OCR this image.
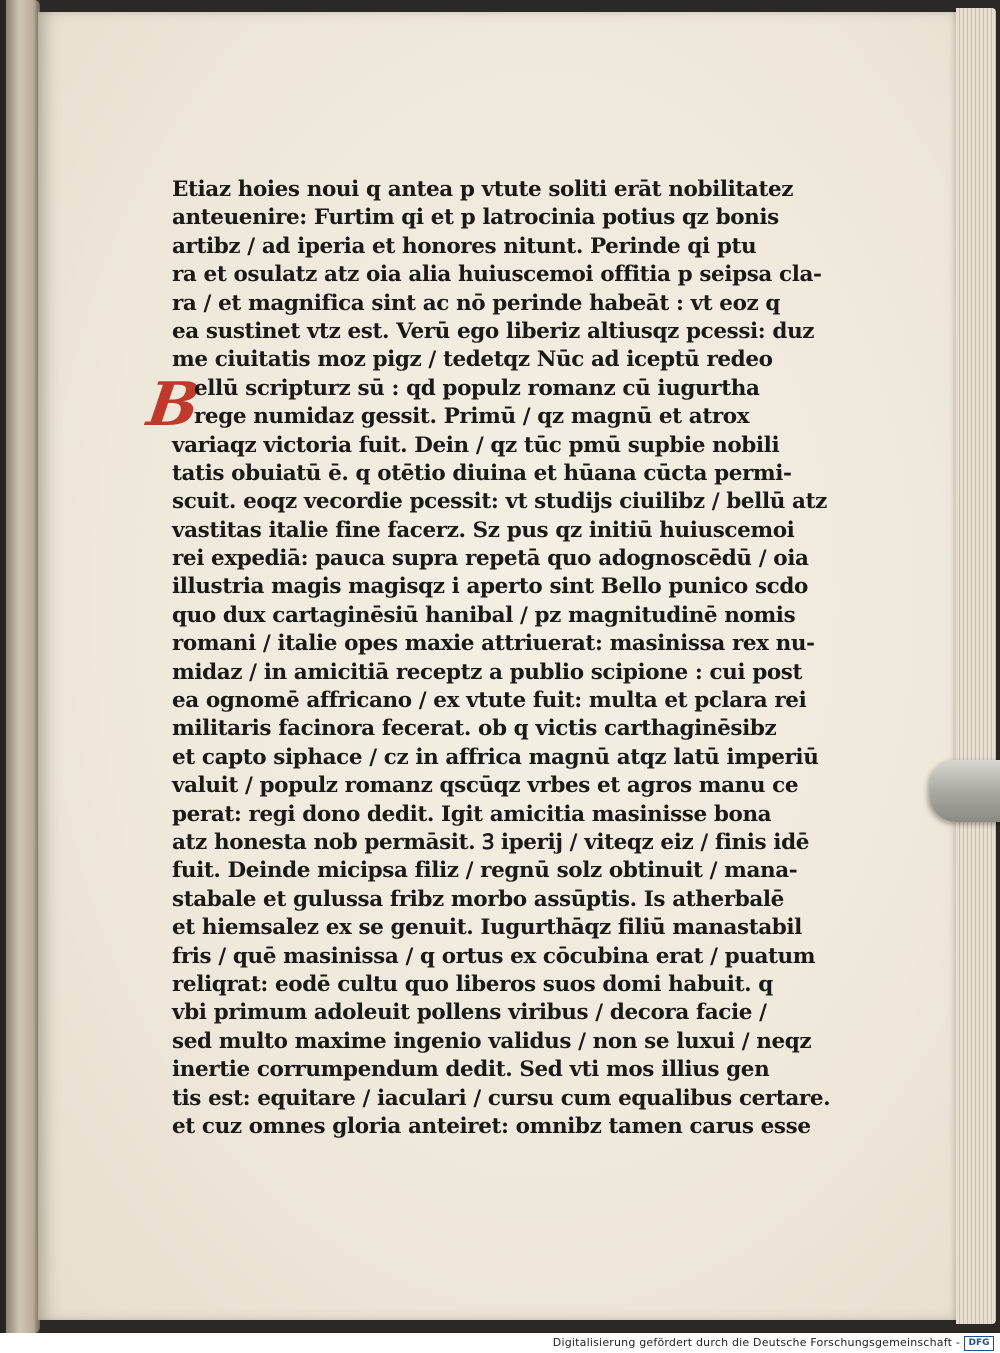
B
Etiaz hoies noui q antea p vtute soliti erāt nobilitatez
anteuenire: Furtim qi et p latrocinia potius qz bonis
artibz / ad iperia et honores nitunt. Perinde qi ptu
ra et osulatz atz oia alia huiuscemoi offitia p seipsa cla-
ra / et magnifica sint ac nō perinde habeāt : vt eoz q
ea sustinet vtz est. Verū ego liberiz altiusqz pcessi: duz
me ciuitatis moz pigz / tedetqz Nūc ad iceptū redeo
ellū scripturz sū : qd populz romanz cū iugurtha
rege numidaz gessit. Primū / qz magnū et atrox
variaqz victoria fuit. Dein / qz tūc pmū supbie nobili
tatis obuiatū ē. q otētio diuina et hūana cūcta permi-
scuit. eoqz vecordie pcessit: vt studijs ciuilibz / bellū atz
vastitas italie fine facerz. Sz pus qz initiū huiuscemoi
rei expediā: pauca supra repetā quo adognoscēdū / oia
illustria magis magisqz i aperto sint Bello punico scdo
quo dux cartaginēsiū hanibal / pz magnitudinē nomis
romani / italie opes maxie attriuerat: masinissa rex nu-
midaz / in amicitiā receptz a publio scipione : cui post
ea ognomē affricano / ex vtute fuit: multa et pclara rei
militaris facinora fecerat. ob q victis carthaginēsibz
et capto siphace / cz in affrica magnū atqz latū imperiū
valuit / populz romanz qscūqz vrbes et agros manu ce
perat: regi dono dedit. Igit amicitia masinisse bona
atz honesta nob permāsit. Ꝫ iperij / viteqz eiz / finis idē
fuit. Deinde micipsa filiz / regnū solz obtinuit / mana-
stabale et gulussa fribz morbo assūptis. Is atherbalē
et hiemsalez ex se genuit. Iugurthāqz filiū manastabil
fris / quē masinissa / q ortus ex cōcubina erat / puatum
reliqrat: eodē cultu quo liberos suos domi habuit. q
vbi primum adoleuit pollens viribus / decora facie /
sed multo maxime ingenio validus / non se luxui / neqz
inertie corrumpendum dedit. Sed vti mos illius gen
tis est: equitare / iaculari / cursu cum equalibus certare.
et cuz omnes gloria anteiret: omnibz tamen carus esse
Digitalisierung gefördert durch die Deutsche Forschungsgemeinschaft - DFG
